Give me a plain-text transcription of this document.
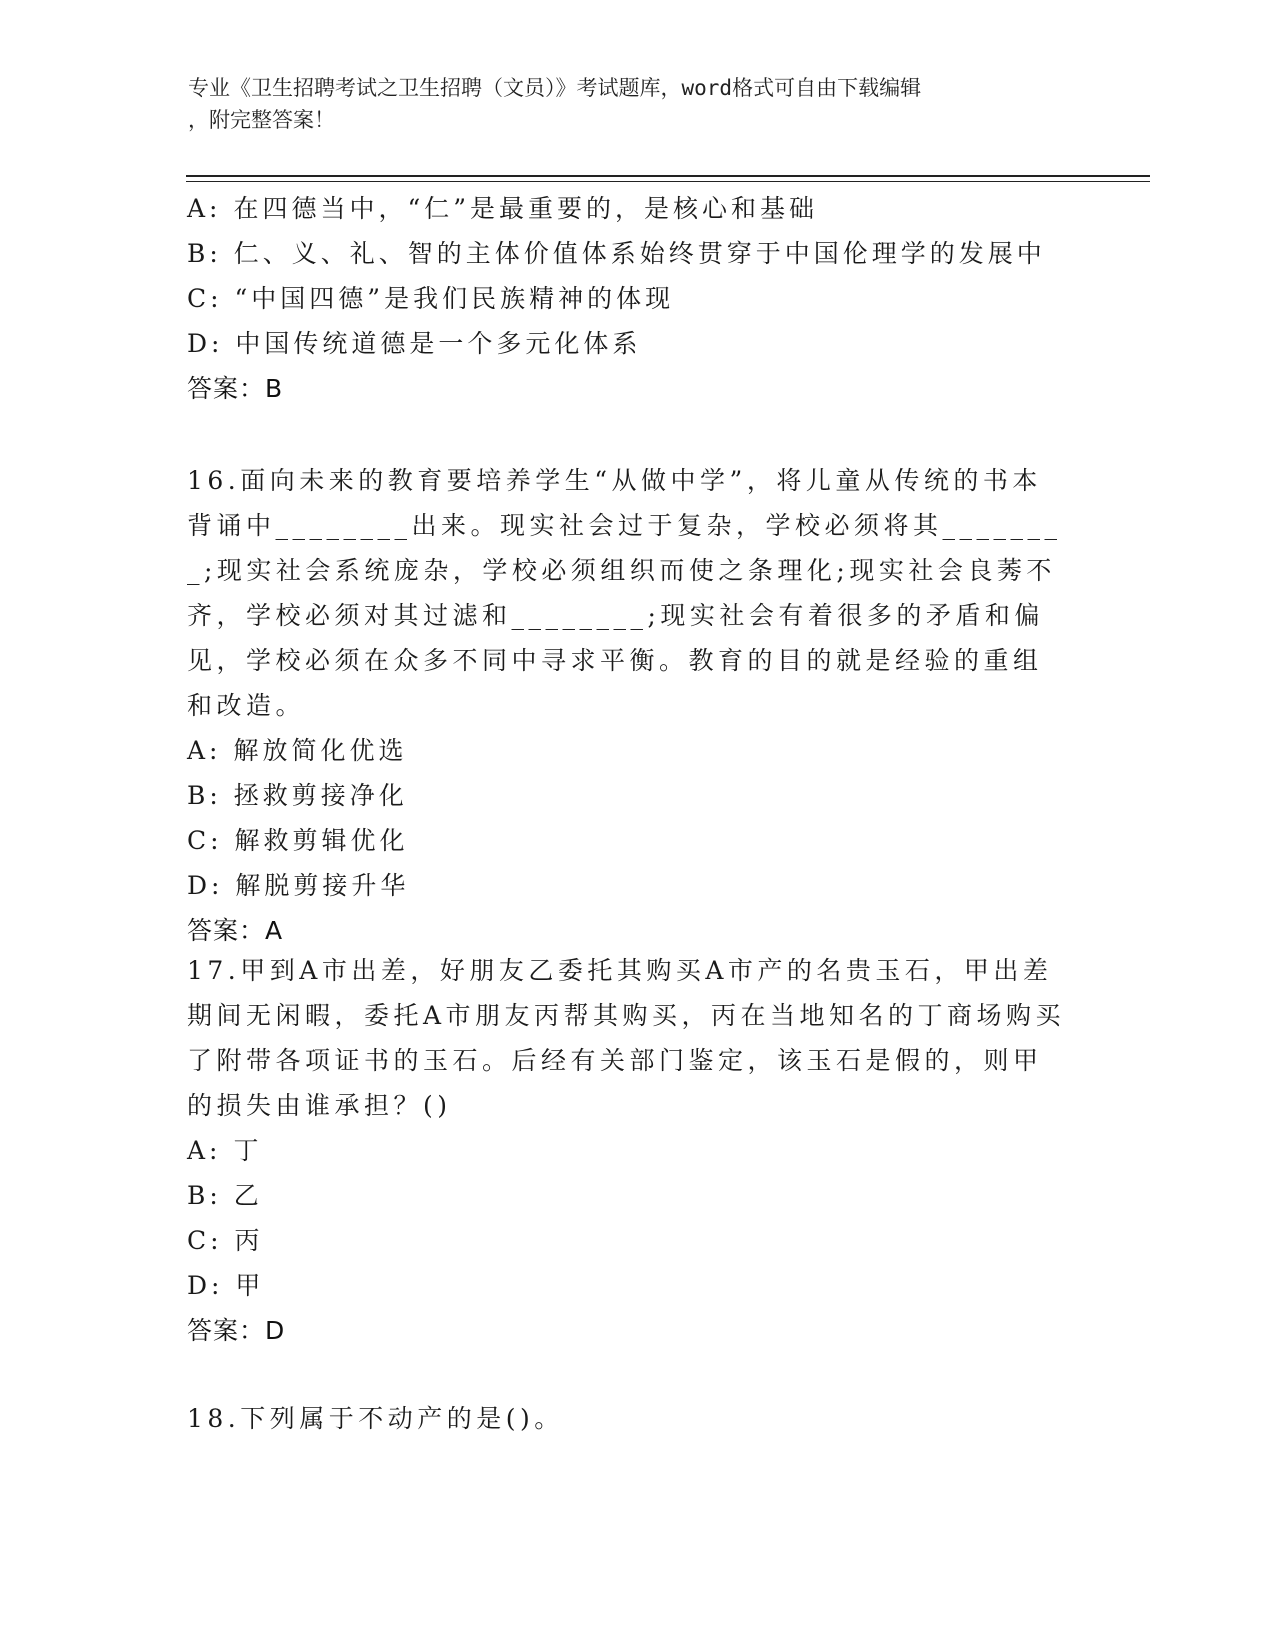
专业《卫生招聘考试之卫生招聘（文员）》考试题库，word格式可自由下载编辑
，附完整答案！
A: 在四德当中，“仁”是最重要的，是核心和基础
B: 仁、义、礼、智的主体价值体系始终贯穿于中国伦理学的发展中
C: “中国四德”是我们民族精神的体现
D: 中国传统道德是一个多元化体系
答案：B
16.面向未来的教育要培养学生“从做中学”，将儿童从传统的书本背诵中________出来。现实社会过于复杂，学校必须将其________;现实社会系统庞杂，学校必须组织而使之条理化;现实社会良莠不齐，学校必须对其过滤和________;现实社会有着很多的矛盾和偏见，学校必须在众多不同中寻求平衡。教育的目的就是经验的重组和改造。
A: 解放简化优选
B: 拯救剪接净化
C: 解救剪辑优化
D: 解脱剪接升华
答案：A
17.甲到A市出差，好朋友乙委托其购买A市产的名贵玉石，甲出差期间无闲暇，委托A市朋友丙帮其购买，丙在当地知名的丁商场购买了附带各项证书的玉石。后经有关部门鉴定，该玉石是假的，则甲的损失由谁承担？()
A: 丁
B: 乙
C: 丙
D: 甲
答案：D
18.下列属于不动产的是()。
